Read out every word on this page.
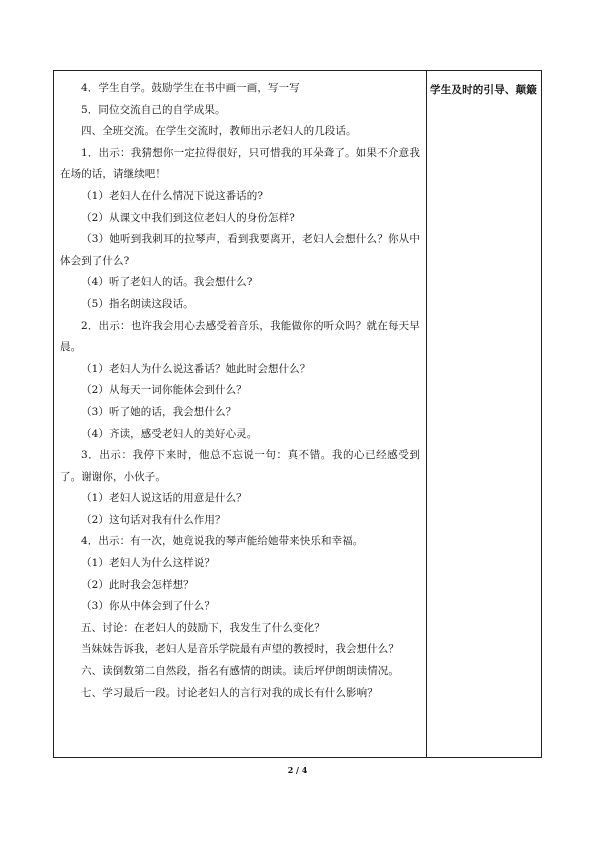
4．学生自学。鼓励学生在书中画一画，写一写

5．同位交流自己的自学成果。

四、全班交流。在学生交流时，教师出示老妇人的几段话。

1．出示：我猜想你一定拉得很好，只可惜我的耳朵聋了。如果不介意我在场的话，请继续吧！

（1）老妇人在什么情况下说这番话的?

（2）从课文中我们到这位老妇人的身份怎样?

（3）她听到我刺耳的拉琴声，看到我要离开，老妇人会想什么？你从中体会到了什么?

（4）听了老妇人的话。我会想什么?

（5）指名朗读这段话。

2．出示：也许我会用心去感受着音乐，我能做你的听众吗？就在每天早晨。

（1）老妇人为什么说这番话？她此时会想什么？

（2）从每天一词你能体会到什么？

（3）听了她的话，我会想什么？

（4）齐读，感受老妇人的美好心灵。

3．出示：我停下来时，他总不忘说一句：真不错。我的心已经感受到了。谢谢你，小伙子。

（1）老妇人说这话的用意是什么？

（2）这句话对我有什么作用？

4．出示：有一次，她竟说我的琴声能给她带来快乐和幸福。

（1）老妇人为什么这样说？

（2）此时我会怎样想？

（3）你从中体会到了什么？

五、讨论：在老妇人的鼓励下，我发生了什么变化？

当妹妹告诉我，老妇人是音乐学院最有声望的教授时，我会想什么？

六、读倒数第二自然段，指名有感情的朗读。读后坪伊朗朗读情况。

七、学习最后一段。讨论老妇人的言行对我的成长有什么影响？

学生及时的引导、颠簸
2 / 4
